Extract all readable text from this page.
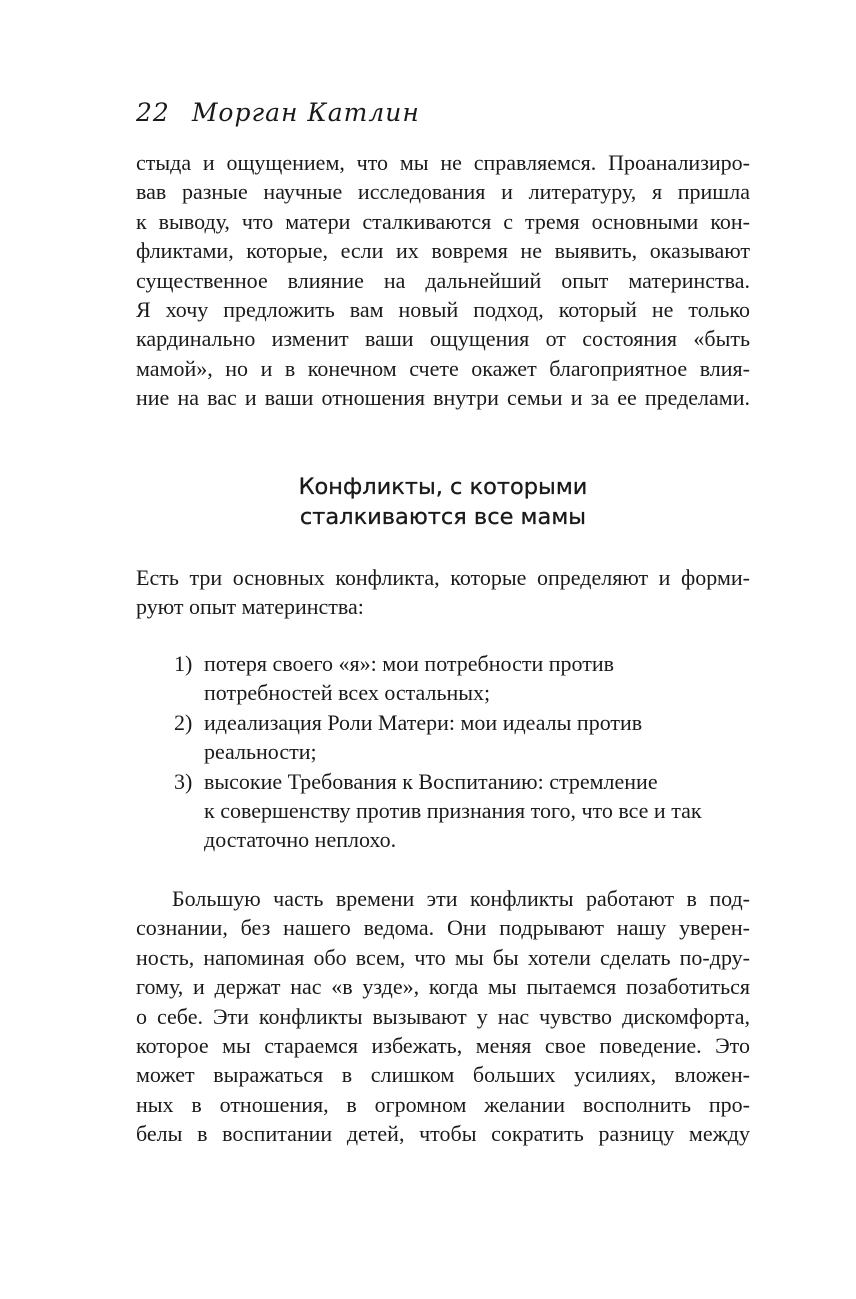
22 Морган Катлин

стыда и ощущением, что мы не справляемся. Проанализиро-
вав разные научные исследования и литературу, я пришла
к выводу, что матери сталкиваются с тремя основными кон-
фликтами, которые, если их вовремя не выявить, оказывают
существенное влияние на дальнейший опыт материнства.
Я хочу предложить вам новый подход, который не только
кардинально изменит ваши ощущения от состояния «быть
мамой», но и в конечном счете окажет благоприятное влия-
ние на вас и ваши отношения внутри семьи и за ее пределами.

Конфликты, с которыми
сталкиваются все мамы

Есть три основных конфликта, которые определяют и форми-
руют опыт материнства:

1) потеря своего «я»: мои потребности против
потребностей всех остальных;
2) идеализация Роли Матери: мои идеалы против
реальности;
3) высокие Требования к Воспитанию: стремление
к совершенству против признания того, что все и так
достаточно неплохо.

Большую часть времени эти конфликты работают в под-
сознании, без нашего ведома. Они подрывают нашу уверен-
ность, напоминая обо всем, что мы бы хотели сделать по-дру-
гому, и держат нас «в узде», когда мы пытаемся позаботиться
о себе. Эти конфликты вызывают у нас чувство дискомфорта,
которое мы стараемся избежать, меняя свое поведение. Это
может выражаться в слишком больших усилиях, вложен-
ных в отношения, в огромном желании восполнить про-
белы в воспитании детей, чтобы сократить разницу между
